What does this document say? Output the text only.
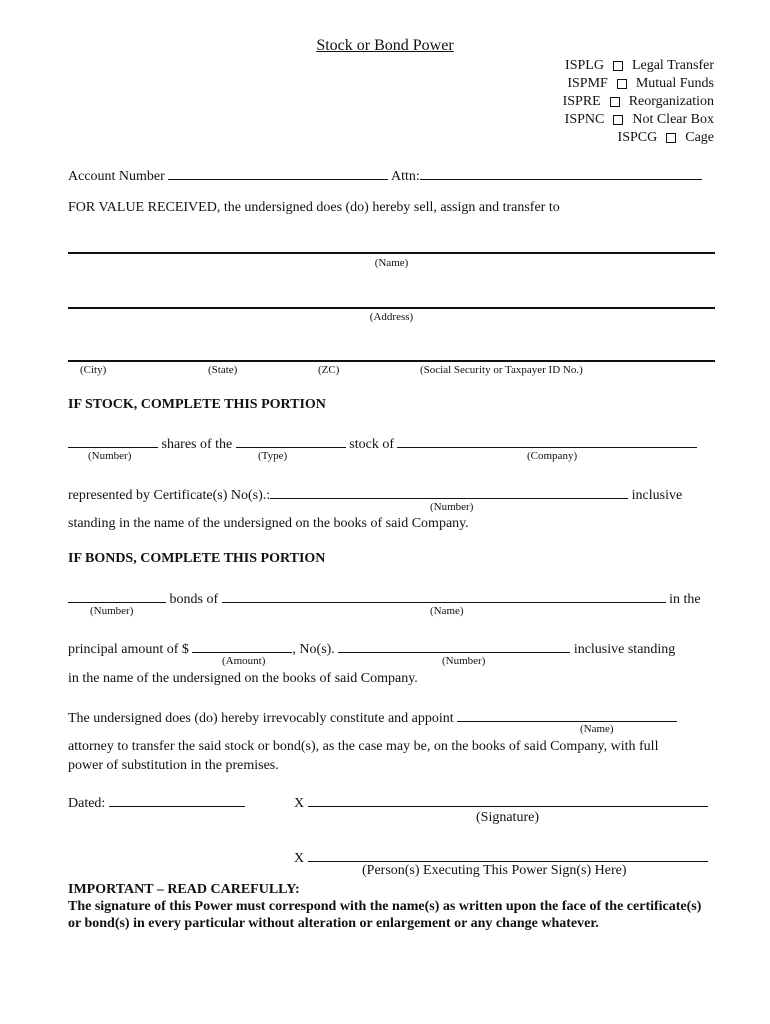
Stock or Bond Power
ISPLG Legal Transfer
ISPMF Mutual Funds
ISPRE Reorganization
ISPNC Not Clear Box
ISPCG Cage
Account Number	Attn:
FOR VALUE RECEIVED, the undersigned does (do) hereby sell, assign and transfer to
(Name)
(Address)
(City)	(State)	(ZC)	(Social Security or Taxpayer ID No.)
IF STOCK, COMPLETE THIS PORTION
shares of the	stock of
(Number)	(Type)	(Company)
represented by Certificate(s) No(s).:	inclusive
(Number)
standing in the name of the undersigned on the books of said Company.
IF BONDS, COMPLETE THIS PORTION
bonds of	in the
(Number)	(Name)
principal amount of $	, No(s).	inclusive standing
(Amount)	(Number)
in the name of the undersigned on the books of said Company.
The undersigned does (do) hereby irrevocably constitute and appoint
(Name)
attorney to transfer the said stock or bond(s), as the case may be, on the books of said Company, with full
power of substitution in the premises.
Dated:	X
(Signature)
X
(Person(s) Executing This Power Sign(s) Here)
IMPORTANT – READ CAREFULLY:
The signature of this Power must correspond with the name(s) as written upon the face of the certificate(s) or bond(s) in every particular without alteration or enlargement or any change whatever.
